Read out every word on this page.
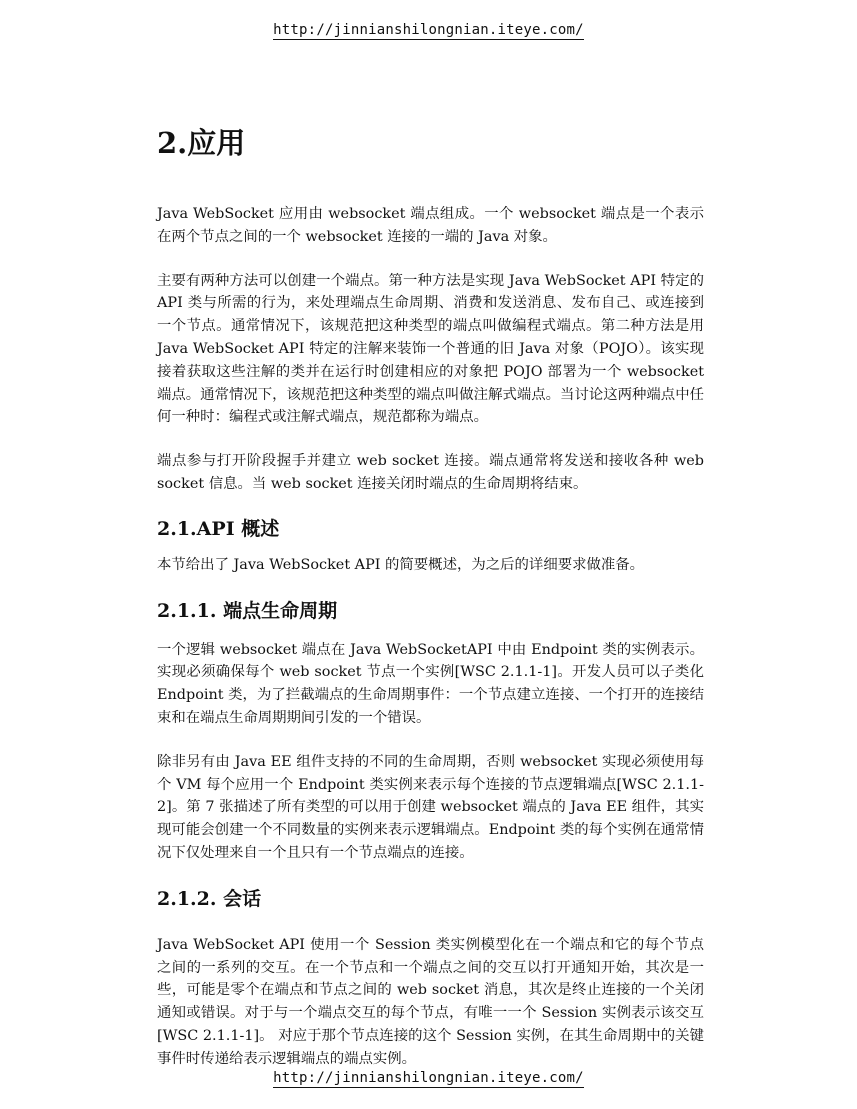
http://jinnianshilongnian.iteye.com/
2.应用

Java WebSocket 应用由 websocket 端点组成。一个 websocket 端点是一个表示在两个节点之间的一个 websocket 连接的一端的 Java 对象。

主要有两种方法可以创建一个端点。第一种方法是实现 Java WebSocket API 特定的 API 类与所需的行为，来处理端点生命周期、消费和发送消息、发布自己、或连接到一个节点。通常情况下，该规范把这种类型的端点叫做编程式端点。第二种方法是用 Java WebSocket API 特定的注解来装饰一个普通的旧 Java 对象（POJO）。该实现接着获取这些注解的类并在运行时创建相应的对象把 POJO 部署为一个 websocket 端点。通常情况下，该规范把这种类型的端点叫做注解式端点。当讨论这两种端点中任何一种时：编程式或注解式端点，规范都称为端点。

端点参与打开阶段握手并建立 web socket 连接。端点通常将发送和接收各种 web socket 信息。当 web socket 连接关闭时端点的生命周期将结束。

2.1.API 概述

本节给出了 Java WebSocket API 的简要概述，为之后的详细要求做准备。

2.1.1. 端点生命周期

一个逻辑 websocket 端点在 Java WebSocketAPI 中由 Endpoint 类的实例表示。实现必须确保每个 web socket 节点一个实例[WSC 2.1.1-1]。开发人员可以子类化 Endpoint 类，为了拦截端点的生命周期事件：一个节点建立连接、一个打开的连接结束和在端点生命周期期间引发的一个错误。

除非另有由 Java EE 组件支持的不同的生命周期，否则 websocket 实现必须使用每个 VM 每个应用一个 Endpoint 类实例来表示每个连接的节点逻辑端点[WSC 2.1.1-2]。第 7 张描述了所有类型的可以用于创建 websocket 端点的 Java EE 组件，其实现可能会创建一个不同数量的实例来表示逻辑端点。Endpoint 类的每个实例在通常情况下仅处理来自一个且只有一个节点端点的连接。

2.1.2. 会话

Java WebSocket API 使用一个 Session 类实例模型化在一个端点和它的每个节点之间的一系列的交互。在一个节点和一个端点之间的交互以打开通知开始，其次是一些，可能是零个在端点和节点之间的 web socket 消息，其次是终止连接的一个关闭通知或错误。对于与一个端点交互的每个节点，有唯一一个 Session 实例表示该交互[WSC 2.1.1-1]。 对应于那个节点连接的这个 Session 实例，在其生命周期中的关键事件时传递给表示逻辑端点的端点实例。

http://jinnianshilongnian.iteye.com/
